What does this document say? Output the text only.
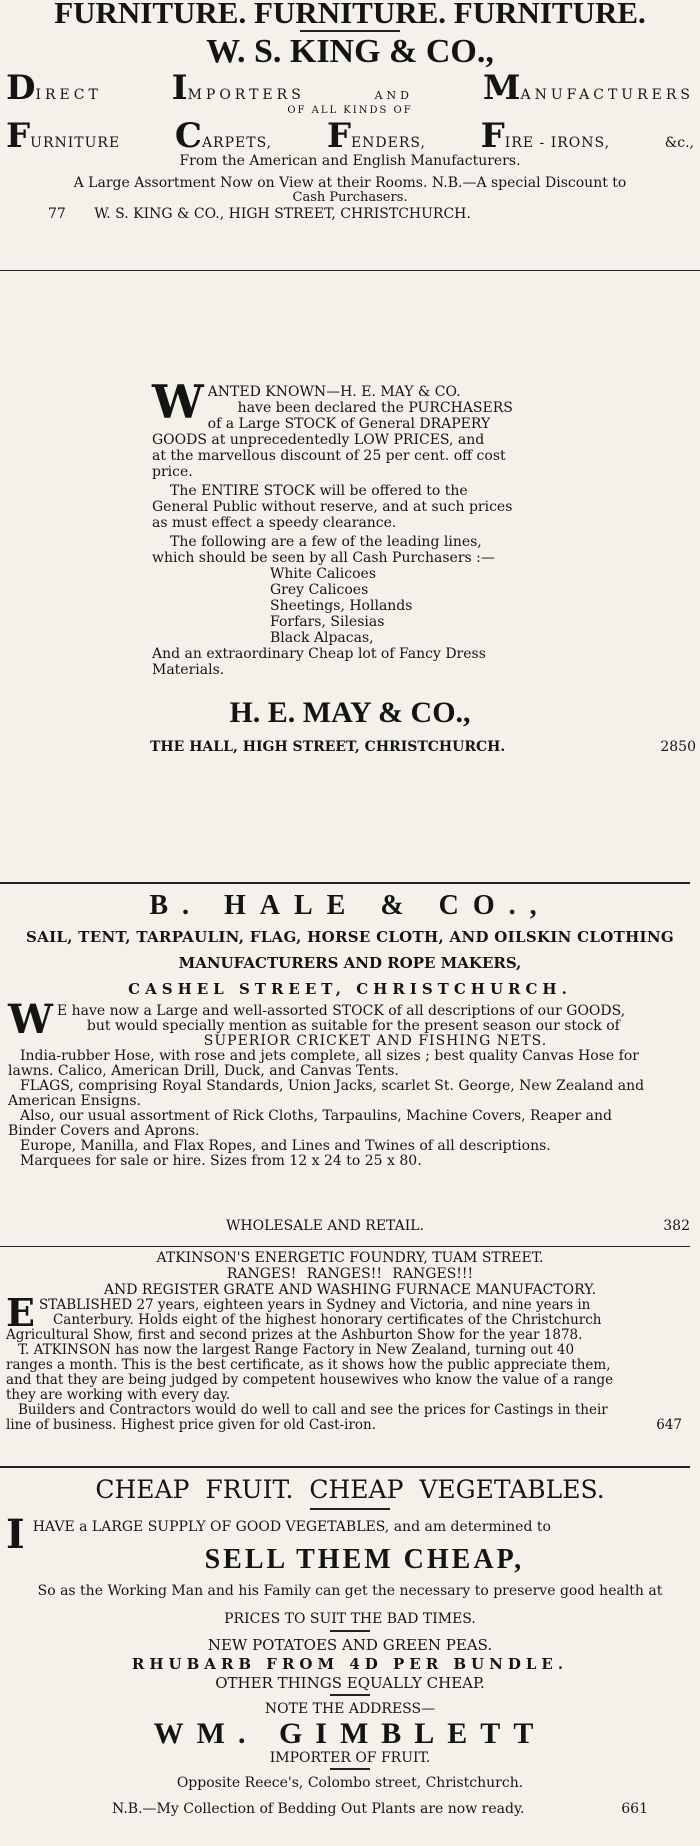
FURNITURE. FURNITURE. FURNITURE.
W. S. KING & CO.,
DIRECT IMPORTERS	AND MANUFACTURERS
OF ALL KINDS OF
FURNITURE CARPETS, FENDERS, FIRE - IRONS,	&c.,
From the American and English Manufacturers.
A Large Assortment Now on View at their Rooms. N.B.—A special Discount to
Cash Purchasers.
77 W. S. KING & CO., HIGH STREET, CHRISTCHURCH.
W ANTED KNOWN—H. E. MAY & CO.
have been declared the PURCHASERS
of a Large STOCK of General DRAPERY
GOODS at unprecedentedly LOW PRICES, and
at the marvellous discount of 25 per cent. off cost
price.
The ENTIRE STOCK will be offered to the
General Public without reserve, and at such prices
as must effect a speedy clearance.
The following are a few of the leading lines,
which should be seen by all Cash Purchasers :—
White Calicoes
Grey Calicoes
Sheetings, Hollands
Forfars, Silesias
Black Alpacas,
And an extraordinary Cheap lot of Fancy Dress
Materials.
H. E. MAY & CO.,
THE HALL, HIGH STREET, CHRISTCHURCH.	2850
B. HALE & CO.,
SAIL, TENT, TARPAULIN, FLAG, HORSE CLOTH, AND OILSKIN CLOTHING
MANUFACTURERS AND ROPE MAKERS,
CASHEL STREET, CHRISTCHURCH.
W E have now a Large and well-assorted STOCK of all descriptions of our GOODS,
but would specially mention as suitable for the present season our stock of
SUPERIOR CRICKET AND FISHING NETS.
India-rubber Hose, with rose and jets complete, all sizes ; best quality Canvas Hose for
lawns. Calico, American Drill, Duck, and Canvas Tents.
FLAGS, comprising Royal Standards, Union Jacks, scarlet St. George, New Zealand and
American Ensigns.
Also, our usual assortment of Rick Cloths, Tarpaulins, Machine Covers, Reaper and
Binder Covers and Aprons.
Europe, Manilla, and Flax Ropes, and Lines and Twines of all descriptions.
Marquees for sale or hire. Sizes from 12 x 24 to 25 x 80.
WHOLESALE AND RETAIL.	382
ATKINSON'S ENERGETIC FOUNDRY, TUAM STREET.
RANGES! RANGES!! RANGES!!!
AND REGISTER GRATE AND WASHING FURNACE MANUFACTORY.
E STABLISHED 27 years, eighteen years in Sydney and Victoria, and nine years in
Canterbury. Holds eight of the highest honorary certificates of the Christchurch
Agricultural Show, first and second prizes at the Ashburton Show for the year 1878.
T. ATKINSON has now the largest Range Factory in New Zealand, turning out 40
ranges a month. This is the best certificate, as it shows how the public appreciate them,
and that they are being judged by competent housewives who know the value of a range
they are working with every day.
Builders and Contractors would do well to call and see the prices for Castings in their
line of business. Highest price given for old Cast-iron.	647
CHEAP FRUIT. CHEAP VEGETABLES.
I HAVE a LARGE SUPPLY OF GOOD VEGETABLES, and am determined to
SELL THEM CHEAP,
So as the Working Man and his Family can get the necessary to preserve good health at
PRICES TO SUIT THE BAD TIMES.
NEW POTATOES AND GREEN PEAS.
RHUBARB FROM 4D PER BUNDLE.
OTHER THINGS EQUALLY CHEAP.
NOTE THE ADDRESS—
WM. GIMBLETT
IMPORTER OF FRUIT.
Opposite Reece's, Colombo street, Christchurch.
N.B.—My Collection of Bedding Out Plants are now ready.	661
